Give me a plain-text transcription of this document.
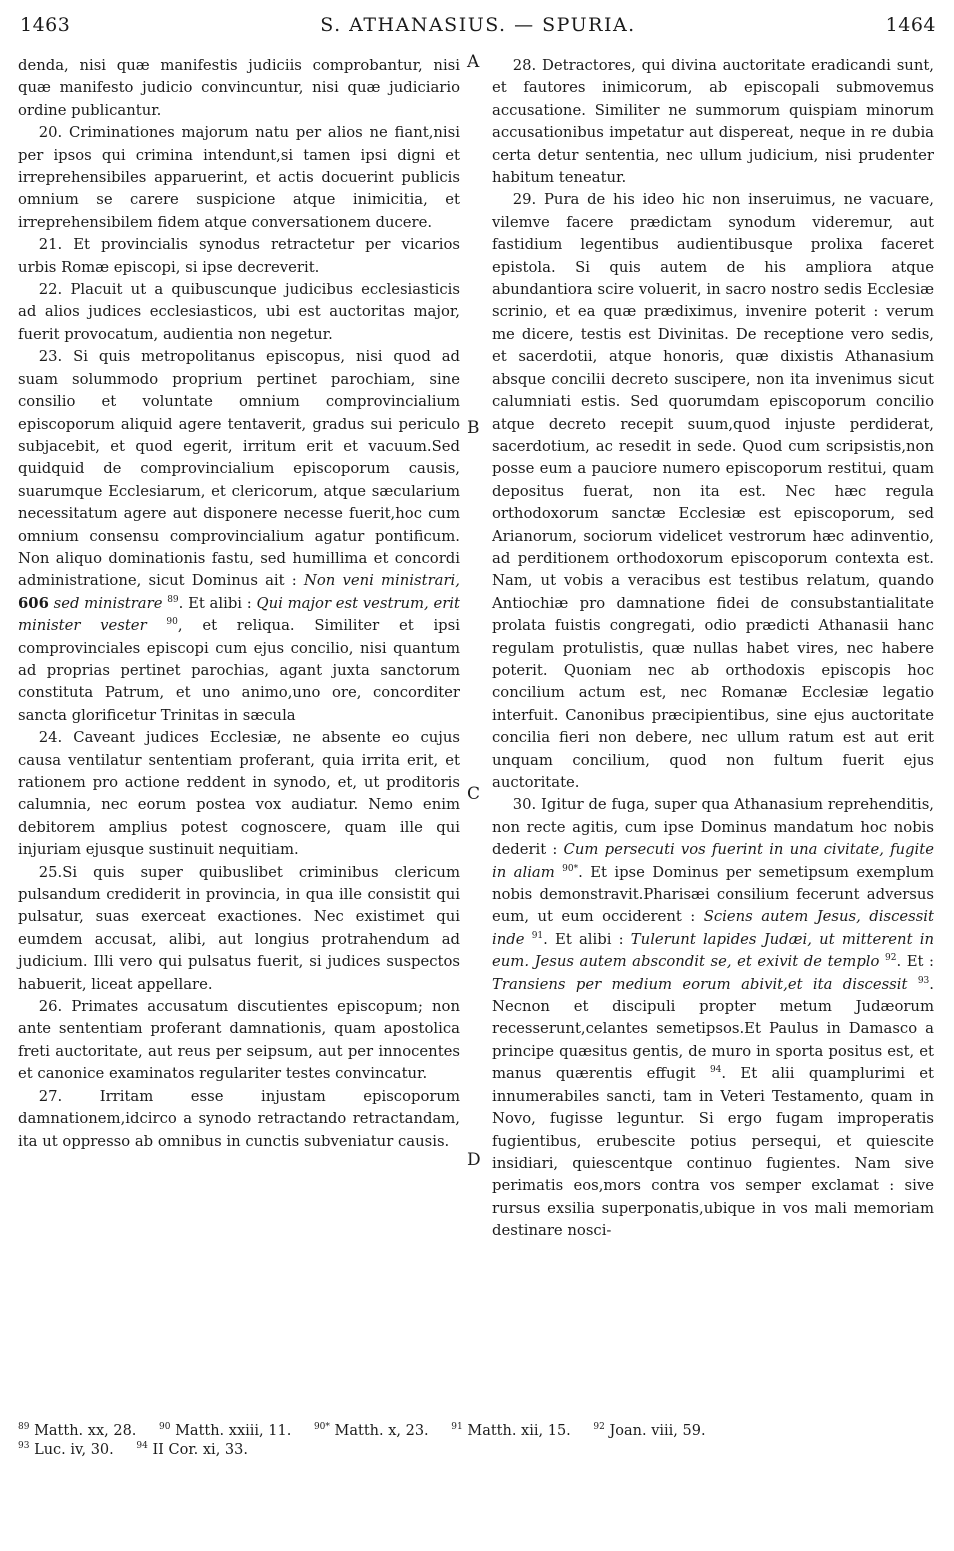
1463	S. ATHANASIUS. — SPURIA.	1464
A
B
C
D

denda, nisi quæ manifestis judiciis comprobantur, nisi quæ manifesto judicio convincuntur, nisi quæ judiciario ordine publicantur.

20. Criminationes majorum natu per alios ne fiant,nisi per ipsos qui crimina intendunt,si tamen ipsi digni et irreprehensibiles apparuerint, et actis docuerint publicis omnium se carere suspicione atque inimicitia, et irreprehensibilem fidem atque conversationem ducere.

21. Et provincialis synodus retractetur per vicarios urbis Romæ episcopi, si ipse decreverit.

22. Placuit ut a quibuscunque judicibus ecclesiasticis ad alios judices ecclesiasticos, ubi est auctoritas major, fuerit provocatum, audientia non negetur.

23. Si quis metropolitanus episcopus, nisi quod ad suam solummodo proprium pertinet parochiam, sine consilio et voluntate omnium comprovincialium episcoporum aliquid agere tentaverit, gradus sui periculo subjacebit, et quod egerit, irritum erit et vacuum.Sed quidquid de comprovincialium episcoporum causis, suarumque Ecclesiarum, et clericorum, atque sæcularium necessitatum agere aut disponere necesse fuerit,hoc cum omnium consensu comprovincialium agatur pontificum. Non aliquo dominationis fastu, sed humillima et concordi administratione, sicut Dominus ait : Non veni ministrari, 606 sed ministrare $^{89}$. Et alibi : Qui major est vestrum, erit minister vester $^{90}$, et reliqua. Similiter et ipsi comprovinciales episcopi cum ejus concilio, nisi quantum ad proprias pertinet parochias, agant juxta sanctorum constituta Patrum, et uno animo,uno ore, concorditer sancta glorificetur Trinitas in sæcula

24. Caveant judices Ecclesiæ, ne absente eo cujus causa ventilatur sententiam proferant, quia irrita erit, et rationem pro actione reddent in synodo, et, ut proditoris calumnia, nec eorum postea vox audiatur. Nemo enim debitorem amplius potest cognoscere, quam ille qui injuriam ejusque sustinuit nequitiam.

25.Si quis super quibuslibet criminibus clericum pulsandum crediderit in provincia, in qua ille consistit qui pulsatur, suas exerceat exactiones. Nec existimet qui eumdem accusat, alibi, aut longius protrahendum ad judicium. Illi vero qui pulsatus fuerit, si judices suspectos habuerit, liceat appellare.

26. Primates accusatum discutientes episcopum; non ante sententiam proferant damnationis, quam apostolica freti auctoritate, aut reus per seipsum, aut per innocentes et canonice examinatos regulariter testes convincatur.

27. Irritam esse injustam episcoporum damnationem,idcirco a synodo retractando retractandam, ita ut oppresso ab omnibus in cunctis subveniatur causis.

28. Detractores, qui divina auctoritate eradicandi sunt, et fautores inimicorum, ab episcopali submovemus accusatione. Similiter ne summorum quispiam minorum accusationibus impetatur aut dispereat, neque in re dubia certa detur sententia, nec ullum judicium, nisi prudenter habitum teneatur.

29. Pura de his ideo hic non inseruimus, ne vacuare, vilemve facere prædictam synodum videremur, aut fastidium legentibus audientibusque prolixa faceret epistola. Si quis autem de his ampliora atque abundantiora scire voluerit, in sacro nostro sedis Ecclesiæ scrinio, et ea quæ prædiximus, invenire poterit : verum me dicere, testis est Divinitas. De receptione vero sedis, et sacerdotii, atque honoris, quæ dixistis Athanasium absque concilii decreto suscipere, non ita invenimus sicut calumniati estis. Sed quorumdam episcoporum concilio atque decreto recepit suum,quod injuste perdiderat, sacerdotium, ac resedit in sede. Quod cum scripsistis,non posse eum a pauciore numero episcoporum restitui, quam depositus fuerat, non ita est. Nec hæc regula orthodoxorum sanctæ Ecclesiæ est episcoporum, sed Arianorum, sociorum videlicet vestrorum hæc adinventio, ad perditionem orthodoxorum episcoporum contexta est. Nam, ut vobis a veracibus est testibus relatum, quando Antiochiæ pro damnatione fidei de consubstantialitate prolata fuistis congregati, odio prædicti Athanasii hanc regulam protulistis, quæ nullas habet vires, nec habere poterit. Quoniam nec ab orthodoxis episcopis hoc concilium actum est, nec Romanæ Ecclesiæ legatio interfuit. Canonibus præcipientibus, sine ejus auctoritate concilia fieri non debere, nec ullum ratum est aut erit unquam concilium, quod non fultum fuerit ejus auctoritate.

30. Igitur de fuga, super qua Athanasium reprehenditis, non recte agitis, cum ipse Dominus mandatum hoc nobis dederit : Cum persecuti vos fuerint in una civitate, fugite in aliam $^{90*}$. Et ipse Dominus per semetipsum exemplum nobis demonstravit.Pharisæi consilium fecerunt adversus eum, ut eum occiderent : Sciens autem Jesus, discessit inde $^{91}$. Et alibi : Tulerunt lapides Judæi, ut mitterent in eum. Jesus autem abscondit se, et exivit de templo $^{92}$. Et : Transiens per medium eorum abivit,et ita discessit $^{93}$. Necnon et discipuli propter metum Judæorum recesserunt,celantes semetipsos.Et Paulus in Damasco a principe quæsitus gentis, de muro in sporta positus est, et manus quærentis effugit $^{94}$. Et alii quamplurimi et innumerabiles sancti, tam in Veteri Testamento, quam in Novo, fugisse leguntur. Si ergo fugam improperatis fugientibus, erubescite potius persequi, et quiescite insidiari, quiescentque continuo fugientes. Nam sive perimatis eos,mors contra vos semper exclamat : sive rursus exsilia superponatis,ubique in vos mali memoriam destinare nosci-

$^{89}$ Matth. xx, 28.	$^{90}$ Matth. xxiii, 11.	$^{90*}$ Matth. x, 23.	$^{91}$ Matth. xii, 15.	$^{92}$ Joan. viii, 59.
$^{93}$ Luc. iv, 30.	$^{94}$ II Cor. xi, 33.
